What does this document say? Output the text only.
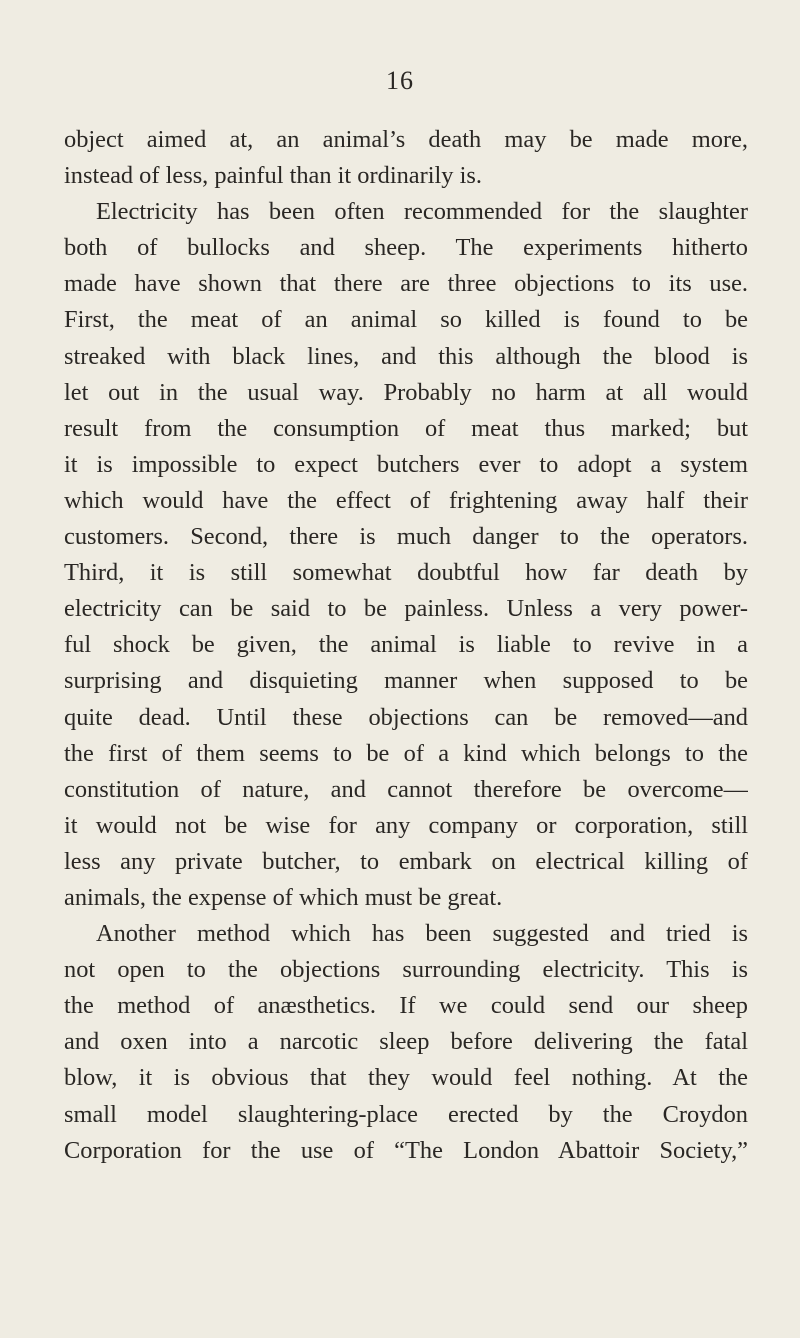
16
object aimed at, an animal’s death may be made more,
instead of less, painful than it ordinarily is.
Electricity has been often recommended for the slaughter
both of bullocks and sheep. The experiments hitherto
made have shown that there are three objections to its use.
First, the meat of an animal so killed is found to be
streaked with black lines, and this although the blood is
let out in the usual way. Probably no harm at all would
result from the consumption of meat thus marked; but
it is impossible to expect butchers ever to adopt a system
which would have the effect of frightening away half their
customers. Second, there is much danger to the operators.
Third, it is still somewhat doubtful how far death by
electricity can be said to be painless. Unless a very power-
ful shock be given, the animal is liable to revive in a
surprising and disquieting manner when supposed to be
quite dead. Until these objections can be removed—and
the first of them seems to be of a kind which belongs to the
constitution of nature, and cannot therefore be overcome—
it would not be wise for any company or corporation, still
less any private butcher, to embark on electrical killing of
animals, the expense of which must be great.
Another method which has been suggested and tried is
not open to the objections surrounding electricity. This is
the method of anæsthetics. If we could send our sheep
and oxen into a narcotic sleep before delivering the fatal
blow, it is obvious that they would feel nothing. At the
small model slaughtering-place erected by the Croydon
Corporation for the use of “The London Abattoir Society,”
